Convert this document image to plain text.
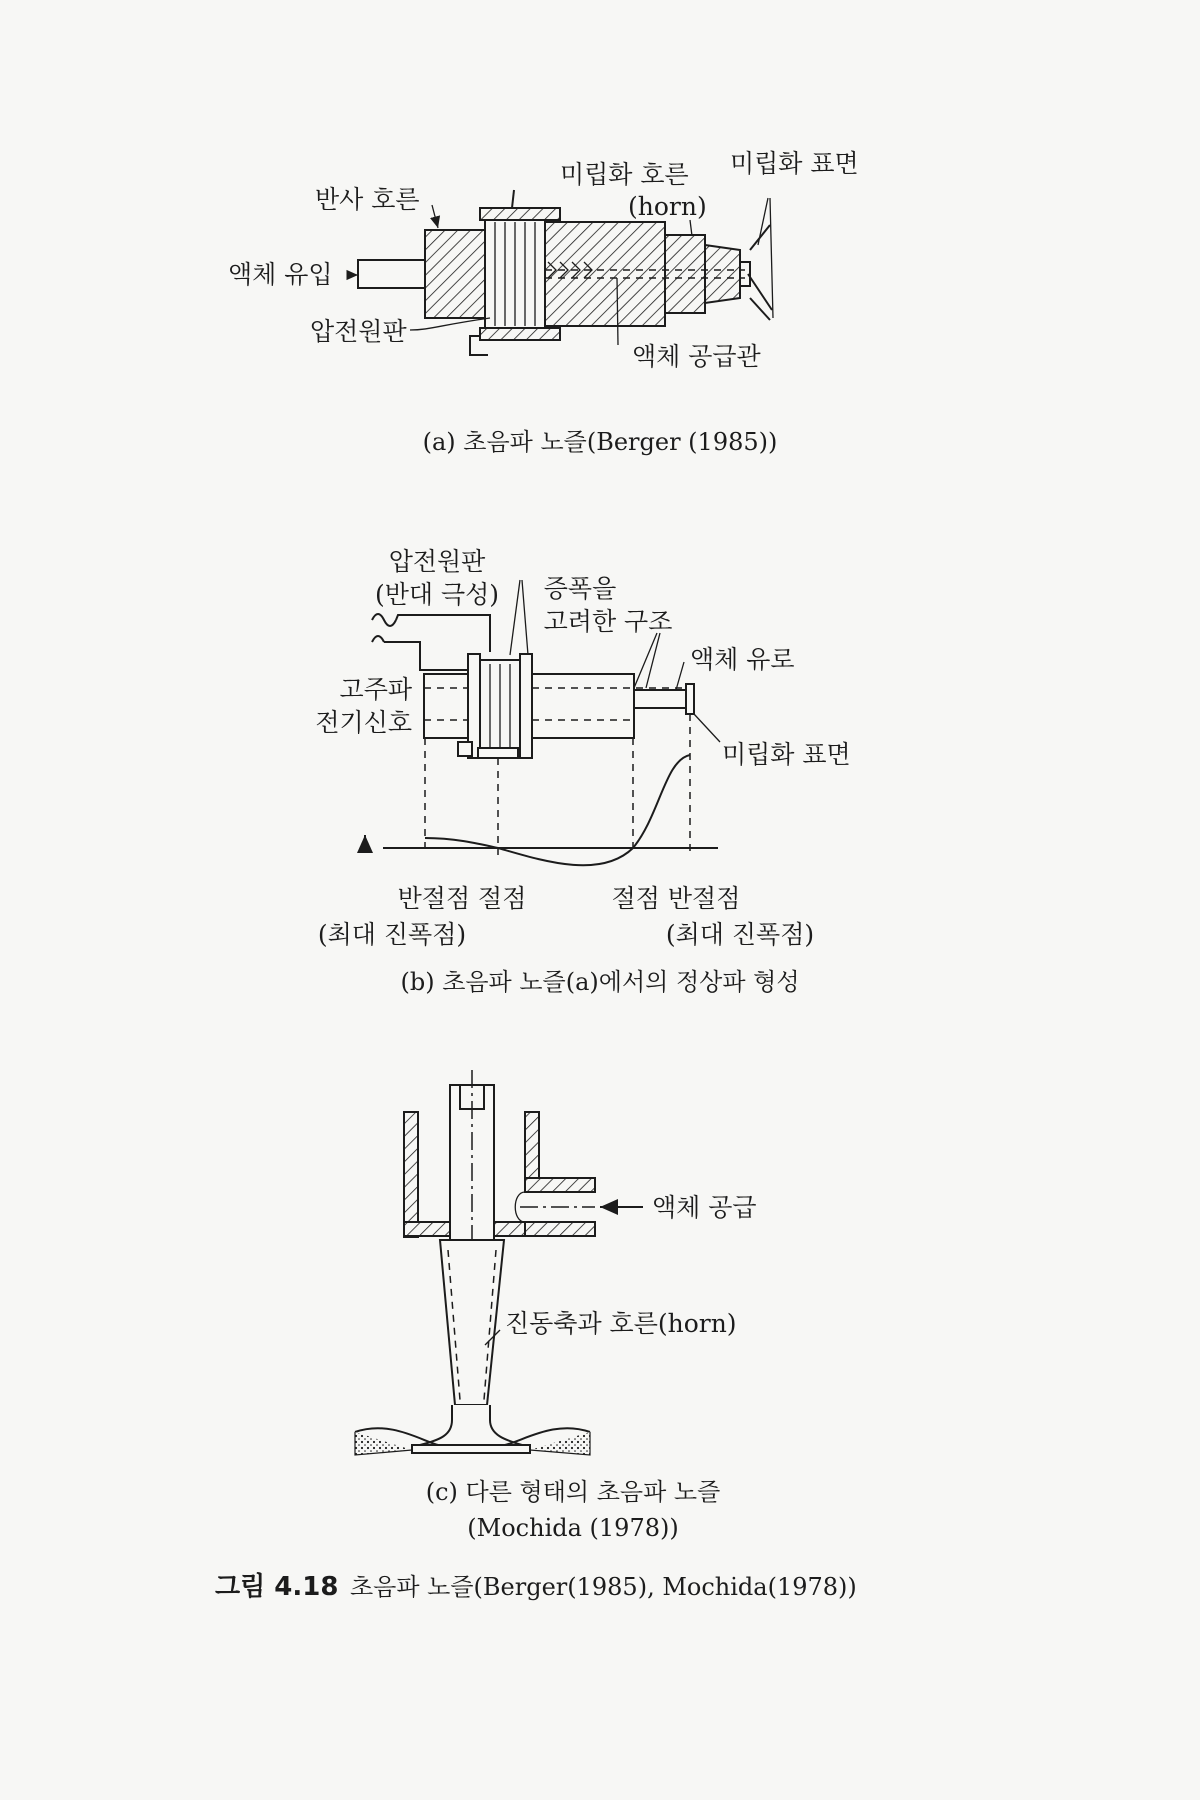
반사 호른
미립화 호른
(horn)
미립화 표면
액체 유입
압전원판
액체 공급관
(a) 초음파 노즐(Berger (1985))
압전원판
(반대 극성) 증폭을
고려한 구조
액체 유로
고주파
전기신호
미립화 표면
반절점 절점
(최대 진폭점)
절점 반절점
(최대 진폭점)
(b) 초음파 노즐(a)에서의 정상파 형성
액체 공급
진동축과 호른(horn)
(c) 다른 형태의 초음파 노즐
(Mochida (1978))
그림 4.18 초음파 노즐(Berger(1985), Mochida(1978))
